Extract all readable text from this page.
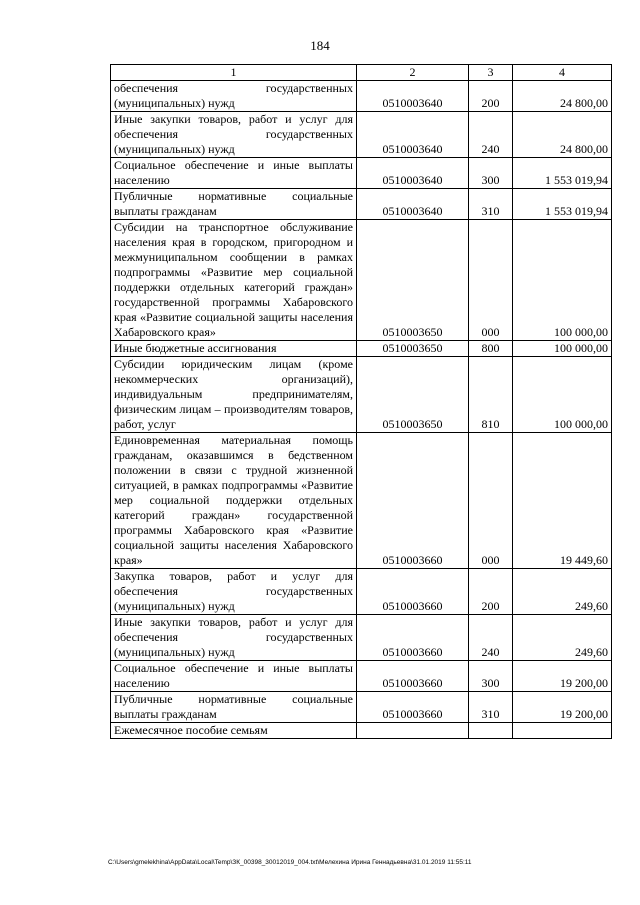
184
1	2	3	4
обеспечения государственных (муниципальных) нужд	0510003640	200	24 800,00
Иные закупки товаров, работ и услуг для обеспечения государственных (муниципальных) нужд	0510003640	240	24 800,00
Социальное обеспечение и иные выплаты населению	0510003640	300	1 553 019,94
Публичные нормативные социальные выплаты гражданам	0510003640	310	1 553 019,94
Субсидии на транспортное обслуживание населения края в городском, пригородном и межмуниципальном сообщении в рамках подпрограммы «Развитие мер социальной поддержки отдельных категорий граждан» государственной программы Хабаровского края «Развитие социальной защиты населения Хабаровского края»	0510003650	000	100 000,00
Иные бюджетные ассигнования	0510003650	800	100 000,00
Субсидии юридическим лицам (кроме некоммерческих организаций), индивидуальным предпринимателям, физическим лицам – производителям товаров, работ, услуг	0510003650	810	100 000,00
Единовременная материальная помощь гражданам, оказавшимся в бедственном положении в связи с трудной жизненной ситуацией, в рамках подпрограммы «Развитие мер социальной поддержки отдельных категорий граждан» государственной программы Хабаровского края «Развитие социальной защиты населения Хабаровского края»	0510003660	000	19 449,60
Закупка товаров, работ и услуг для обеспечения государственных (муниципальных) нужд	0510003660	200	249,60
Иные закупки товаров, работ и услуг для обеспечения государственных (муниципальных) нужд	0510003660	240	249,60
Социальное обеспечение и иные выплаты населению	0510003660	300	19 200,00
Публичные нормативные социальные выплаты гражданам	0510003660	310	19 200,00
Ежемесячное пособие семьям			
C:\Users\gmelekhina\AppData\Local\Temp\ЗК_00398_30012019_004.txt\Мелехина Ирина Геннадьевна\31.01.2019 11:55:11
